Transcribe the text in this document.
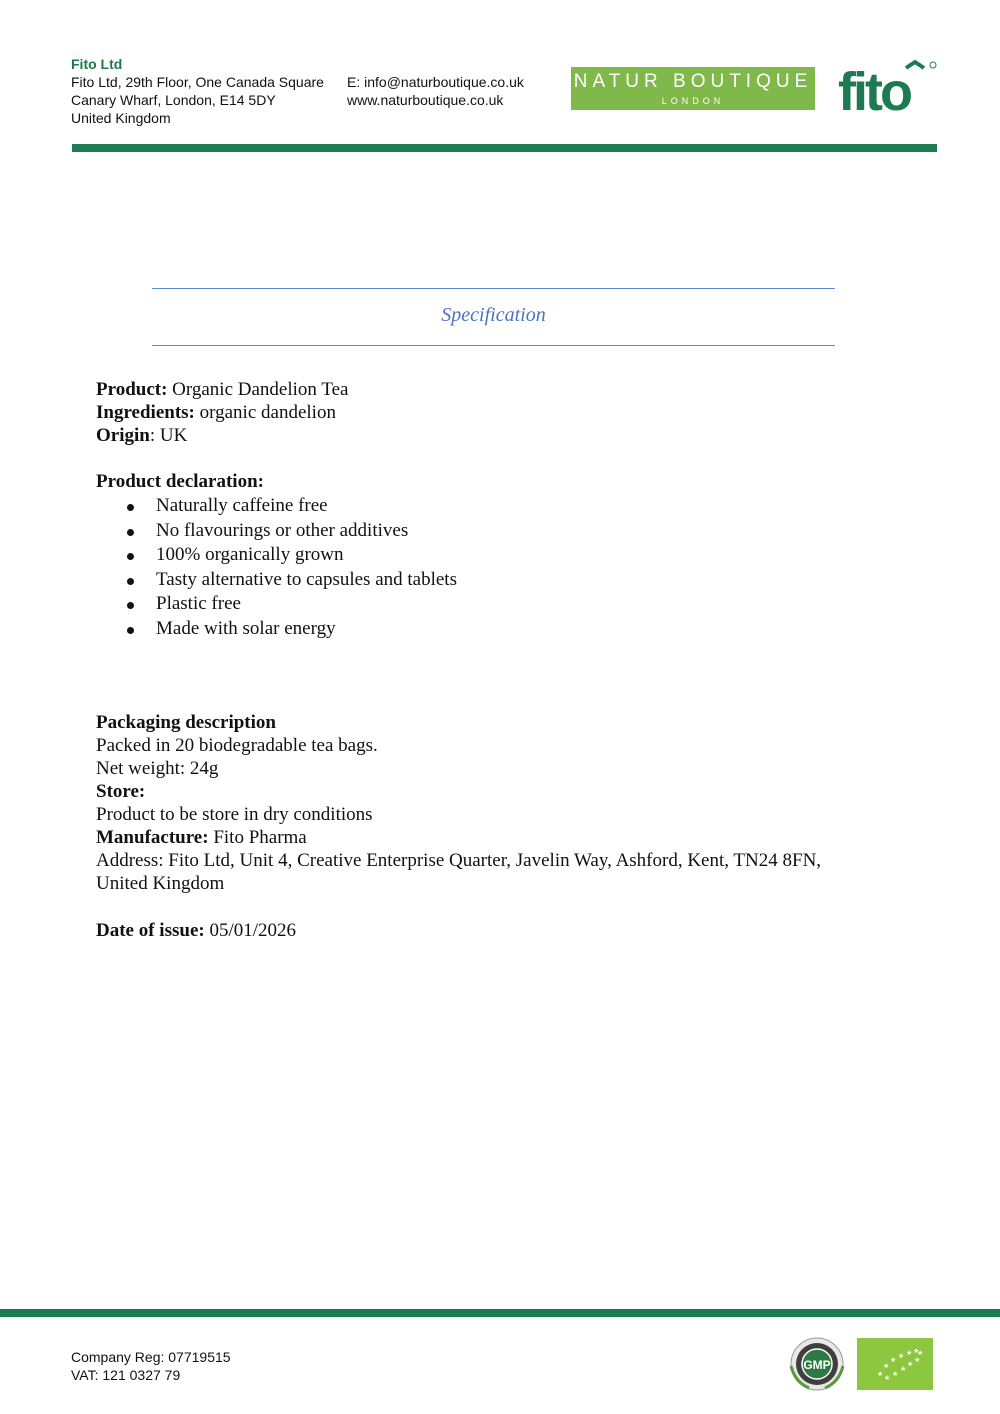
Fito Ltd
Fito Ltd, 29th Floor, One Canada Square
Canary Wharf, London, E14 5DY
United Kingdom
E: info@naturboutique.co.uk
www.naturboutique.co.uk
NATUR BOUTIQUE
LONDON	fito
Specification
Product: Organic Dandelion Tea
Ingredients: organic dandelion
Origin: UK
Product declaration:
Naturally caffeine free
No flavourings or other additives
100% organically grown
Tasty alternative to capsules and tablets
Plastic free
Made with solar energy
Packaging description
Packed in 20 biodegradable tea bags.
Net weight: 24g
Store:
Product to be store in dry conditions
Manufacture: Fito Pharma
Address: Fito Ltd, Unit 4, Creative Enterprise Quarter, Javelin Way, Ashford, Kent, TN24 8FN,
United Kingdom
Date of issue: 05/01/2026
Company Reg: 07719515
VAT: 121 0327 79
GMP
★
★
★ ★ ★ ★
★ ★
★
★ ★
★
